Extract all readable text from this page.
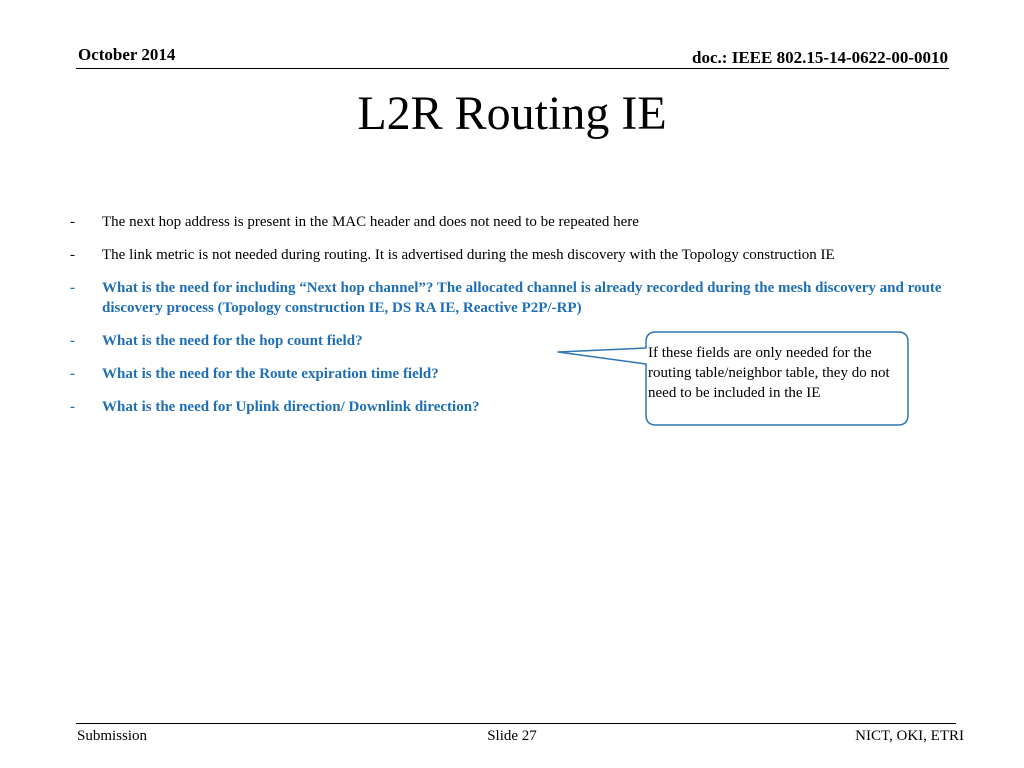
October 2014	doc.: IEEE 802.15-14-0622-00-0010
L2R Routing IE
- The next hop address is present in the MAC header and does not need to be repeated here
- The link metric is not needed during routing. It is advertised during the mesh discovery with the Topology construction IE
- What is the need for including “Next hop channel”? The allocated channel is already recorded during the mesh discovery and route discovery process (Topology construction IE, DS RA IE, Reactive P2P/-RP)
- What is the need for the hop count field?
- What is the need for the Route expiration time field?
- What is the need for Uplink direction/ Downlink direction?
If these fields are only needed for the routing table/neighbor table, they do not need to be included in the IE
Submission	Slide 27	NICT, OKI, ETRI
